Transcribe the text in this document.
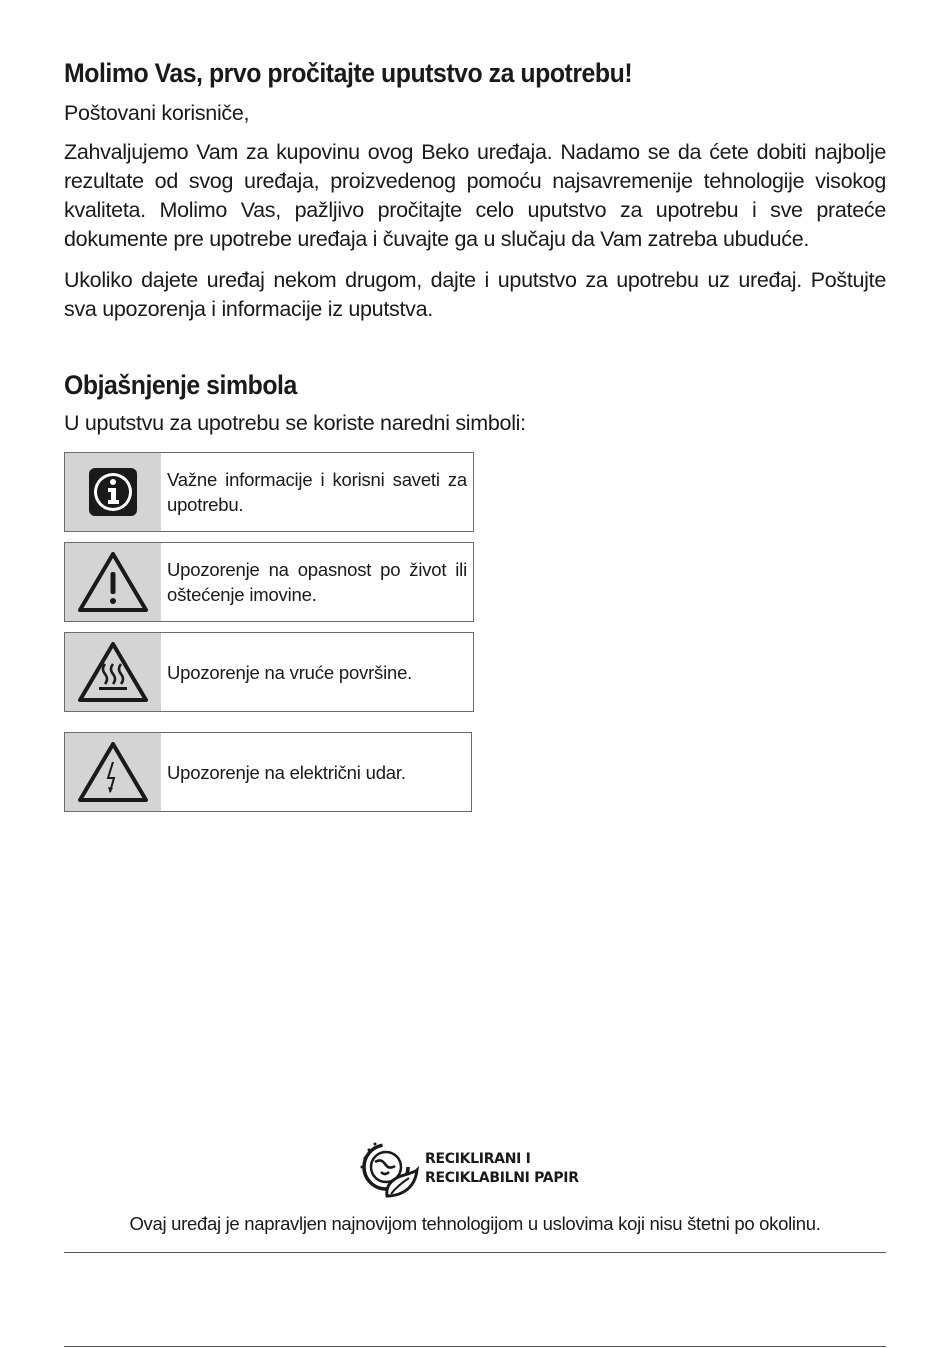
Molimo Vas, prvo pročitajte uputstvo za upotrebu!

Poštovani korisniče,

Zahvaljujemo Vam za kupovinu ovog Beko uređaja. Nadamo se da ćete dobiti najbolje rezultate od svog uređaja, proizvedenog pomoću najsavremenije tehnologije visokog kvaliteta. Molimo Vas, pažljivo pročitajte celo uputstvo za upotrebu i sve prateće dokumente pre upotrebe uređaja i čuvajte ga u slučaju da Vam zatreba ubuduće.

Ukoliko dajete uređaj nekom drugom, dajte i uputstvo za upotrebu uz uređaj. Poštujte sva upozorenja i informacije iz uputstva.

Objašnjenje simbola

U uputstvu za upotrebu se koriste naredni simboli:

Važne informacije i korisni saveti za upotrebu.
Upozorenje na opasnost po život ili oštećenje imovine.
Upozorenje na vruće površine.
Upozorenje na električni udar.
RECIKLIRANI I
RECIKLABILNI PAPIR
Ovaj uređaj je napravljen najnovijom tehnologijom u uslovima koji nisu štetni po okolinu.
